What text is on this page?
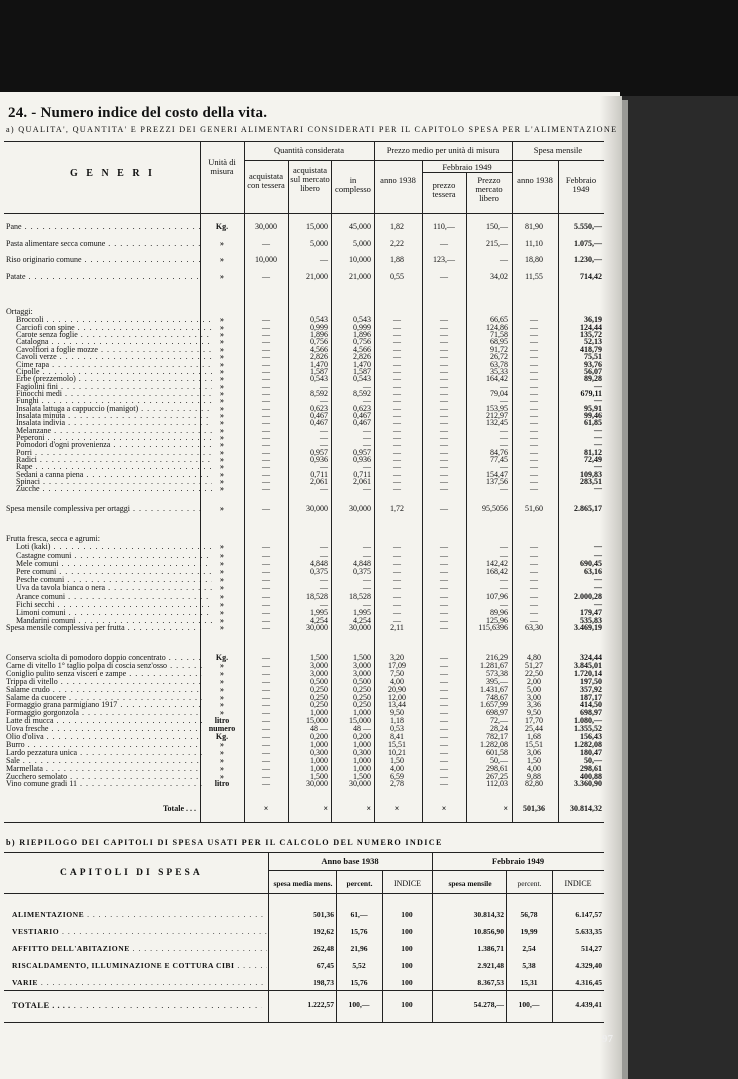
24. - Numero indice del costo della vita.
a) QUALITA', QUANTITA' E PREZZI DEI GENERI ALIMENTARI CONSIDERATI PER IL CAPITOLO SPESA PER L'ALIMENTAZIONE
G E N E R I
Unità di misura
Quantità considerata
acquistata con tessera
acquistata sul mercato libero
in complesso
Prezzo medio per unità di misura
anno 1938
Febbraio 1949
prezzo tessera
Prezzo mercato libero
Spesa mensile
anno 1938	Febbraio 1949
Pane . . .	Kg.	30,000	15,000	45,000	1,82	110,—	150,—	81,90	5.550,—
Pasta alimentare secca comune . . .	»	—	5,000	5,000	2,22	—	215,—	11,10	1.075,—
Riso originario comune . . .	»	10,000	—	10,000	1,88	123,—	—	18,80	1.230,—
Patate . . .	»	—	21,000	21,000	0,55	—	34,02	11,55	714,42
Ortaggi:
Broccoli . . .	»	—	0,543	0,543	—	—	66,65	—	36,19
Carciofi con spine . . .	»	—	0,999	0,999	—	—	124,86	—	124,44
Carote senza foglie . . .	»	—	1,896	1,896	—	—	71,58	—	135,72
Catalogna . . .	»	—	0,756	0,756	—	—	68,95	—	52,13
Cavolfiori a foglie mozze . . .	»	—	4,566	4,566	—	—	91,72	—	418,79
Cavoli verze . . .	»	—	2,826	2,826	—	—	26,72	—	75,51
Cime rapa . . .	»	—	1,470	1,470	—	—	63,78	—	93,76
Cipolle . . .	»	—	1,587	1,587	—	—	35,33	—	56,07
Erbe (prezzemolo) . . .	»	—	0,543	0,543	—	—	164,42	—	89,28
Fagiolini fini . . .	»	—	—	—	—	—	—	—	—
Finocchi medi . . .	»	—	8,592	8,592	—	—	79,04	—	679,11
Funghi . . .	»	—	—	—	—	—	—	—	—
Insalata lattuga a cappuccio (manigot) . . .	»	—	0,623	0,623	—	—	153,95	—	95,91
Insalata minuta . . .	»	—	0,467	0,467	—	—	212,97	—	99,46
Insalata indivia . . .	»	—	0,467	0,467	—	—	132,45	—	61,85
Melanzane . . .	»	—	—	—	—	—	—	—	—
Peperoni . . .	»	—	—	—	—	—	—	—	—
Pomodori d'ogni provenienza . . .	»	—	—	—	—	—	—	—	—
Porri . . .	»	—	0,957	0,957	—	—	84,76	—	81,12
Radici . . .	»	—	0,936	0,936	—	—	77,45	—	72,49
Rape . . .	»	—	—	—	—	—	—	—	—
Sedani a canna piena . . .	»	—	0,711	0,711	—	—	154,47	—	109,83
Spinaci . . .	»	—	2,061	2,061	—	—	137,56	—	283,51
Zucche . . .	»	—	—	—	—	—	—	—	—
Spesa mensile complessiva per ortaggi . . .	»	—	30,000	30,000	1,72	—	95,5056	51,60	2.865,17
Frutta fresca, secca e agrumi:
Loti (kaki) . . .	»	—	—	—	—	—	—	—	—
Castagne comuni . . .	»	—	—	—	—	—	—	—	—
Mele comuni . . .	»	—	4,848	4,848	—	—	142,42	—	690,45
Pere comuni . . .	»	—	0,375	0,375	—	—	168,42	—	63,16
Pesche comuni . . .	»	—	—	—	—	—	—	—	—
Uva da tavola bianca o nera . . .	»	—	—	—	—	—	—	—	—
Arance comuni . . .	»	—	18,528	18,528	—	—	107,96	—	2.000,28
Fichi secchi . . .	»	—	—	—	—	—	—	—	—
Limoni comuni . . .	»	—	1,995	1,995	—	—	89,96	—	179,47
Mandarini comuni . . .	»	—	4,254	4,254	—	—	125,96	—	535,83
Spesa mensile complessiva per frutta . . .	»	—	30,000	30,000	2,11	—	115,6396	63,30	3.469,19
Conserva sciolta di pomodoro doppio concentrato . . .	Kg.	—	1,500	1,500	3,20	—	216,29	4,80	324,44
Carne di vitello 1° taglio polpa di coscia senz'osso . . .	»	—	3,000	3,000	17,09	—	1.281,67	51,27	3.845,01
Coniglio pulito senza visceri e zampe . . .	»	—	3,000	3,000	7,50	—	573,38	22,50	1.720,14
Trippa di vitello . . .	»	—	0,500	0,500	4,00	—	395,—	2,00	197,50
Salame crudo . . .	»	—	0,250	0,250	20,90	—	1.431,67	5,00	357,92
Salame da cuocere . . .	»	—	0,250	0,250	12,00	—	748,67	3,00	187,17
Formaggio grana parmigiano 1917 . . .	»	—	0,250	0,250	13,44	—	1.657,99	3,36	414,50
Formaggio gorgonzola . . .	»	—	1,000	1,000	9,50	—	698,97	9,50	698,97
Latte di mucca . . .	litro	—	15,000	15,000	1,18	—	72,—	17,70	1.080,—
Uova fresche . . .	numero	—	48 —	48 —	0,53	—	28,24	25,44	1.355,52
Olio d'oliva . . .	Kg.	—	0,200	0,200	8,41	—	782,17	1,68	156,43
Burro . . .	»	—	1,000	1,000	15,51	—	1.282,08	15,51	1.282,08
Lardo pezzatura unica . . .	»	—	0,300	0,300	10,21	—	601,58	3,06	180,47
Sale . . .	»	—	1,000	1,000	1,50	—	50,—	1,50	50,—
Marmellata . . .	»	—	1,000	1,000	4,00	—	298,61	4,00	298,61
Zucchero semolato . . .	»	—	1,500	1,500	6,59	—	267,25	9,88	400,88
Vino comune gradi 11 . . .	litro	—	30,000	30,000	2,78	—	112,03	82,80	3.360,90
Totale . . .	×	×	×	×	×	×	501,36	30.814,32
b) RIEPILOGO DEI CAPITOLI DI SPESA USATI PER IL CALCOLO DEL NUMERO INDICE
CAPITOLI DI SPESA
Anno base 1938	Febbraio 1949
spesa media mens.	percent.	INDICE	spesa mensile	percent.	INDICE
ALIMENTAZIONE . . .	501,36	61,—	100	30.814,32	56,78	6.147,57
VESTIARIO . . .	192,62	15,76	100	10.856,90	19,99	5.633,35
AFFITTO DELL'ABITAZIONE . . .	262,48	21,96	100	1.386,71	2,54	514,27
RISCALDAMENTO, ILLUMINAZIONE E COTTURA CIBI . . .	67,45	5,52	100	2.921,48	5,38	4.329,40
VARIE . . .	198,73	15,76	100	8.367,53	15,31	4.316,45
TOTALE . . . . . . .	1.222,57	100,—	100	54.278,—	100,—	4.439,41
97
